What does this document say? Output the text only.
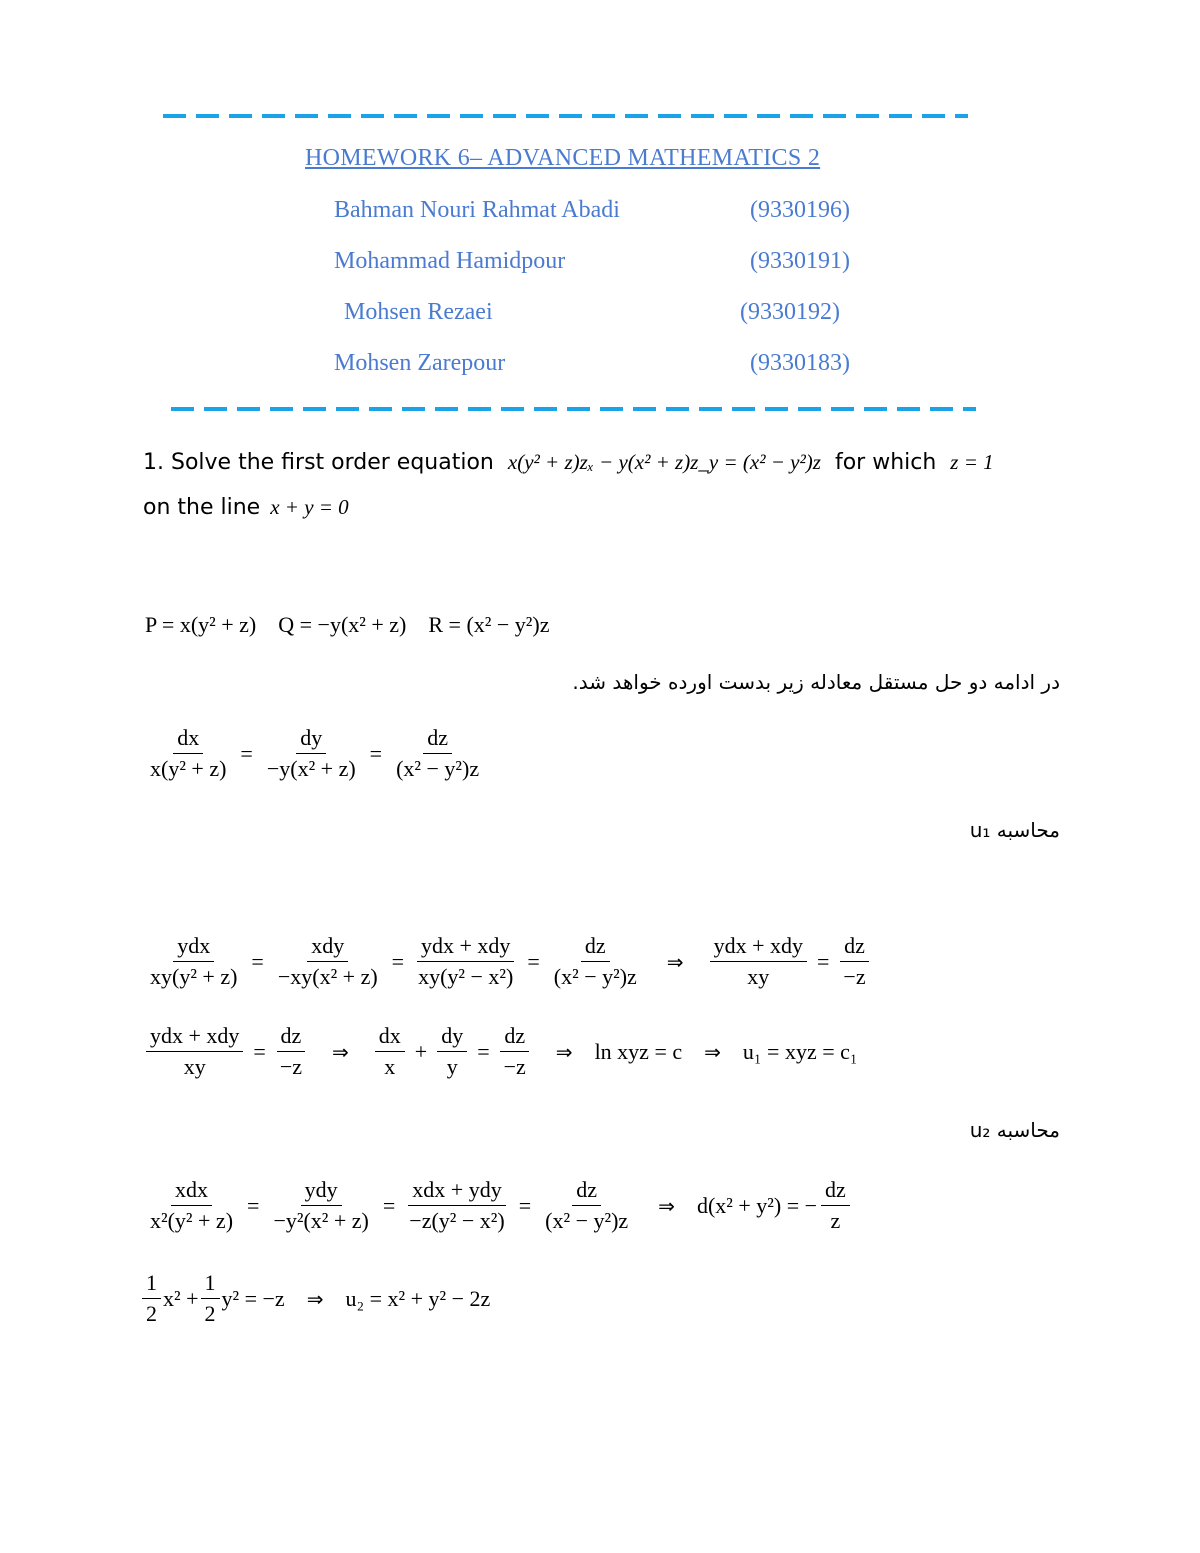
HOMEWORK 6– ADVANCED MATHEMATICS 2
Bahman Nouri Rahmat Abadi	(9330196)
Mohammad Hamidpour	(9330191)
Mohsen Rezaei	(9330192)
Mohsen Zarepour	(9330183)
1. Solve the first order equation x(y² + z)zₓ − y(x² + z)z_y = (x² − y²)z for which z = 1
on the line x + y = 0
P = x(y² + z)    Q = −y(x² + z)    R = (x² − y²)z
در ادامه دو حل مستقل معادله زیر بدست اورده خواهد شد.
$\frac{dx}{\text{x(y² + z)}} = \frac{dy}{\text{−y(x² + z)}} = \frac{dz}{\text{(x² − y²)z}}$
محاسبه u₁
$\frac{\text{ydx}}{\text{xy(y² + z)}} = \frac{\text{xdy}}{\text{−xy(x² + z)}} = \frac{\text{ydx + xdy}}{\text{xy(y² − x²)}} = \frac{dz}{\text{(x² − y²)z}}$ ⇒ $\frac{\text{ydx + xdy}}{xy} = \frac{dz}{-z}$
$\frac{\text{ydx + xdy}}{xy} = \frac{dz}{-z}$ ⇒ $\frac{dx}{x} + \frac{dy}{y} = \frac{dz}{-z}$ ⇒ ln xyz = c ⇒ u₁ = xyz = c₁
محاسبه u₂
$\frac{\text{xdx}}{\text{x²(y² + z)}} = \frac{\text{ydy}}{\text{−y²(x² + z)}} = \frac{\text{xdx + ydy}}{\text{−z(y² − x²)}} = \frac{dz}{\text{(x² − y²)z}}$ ⇒ d(x² + y²) = − $\frac{dz}{z}$
$\frac{1}{2} x^2 + \frac{1}{2} y^2 = -z$ ⇒ u₂ = x² + y² − 2z
